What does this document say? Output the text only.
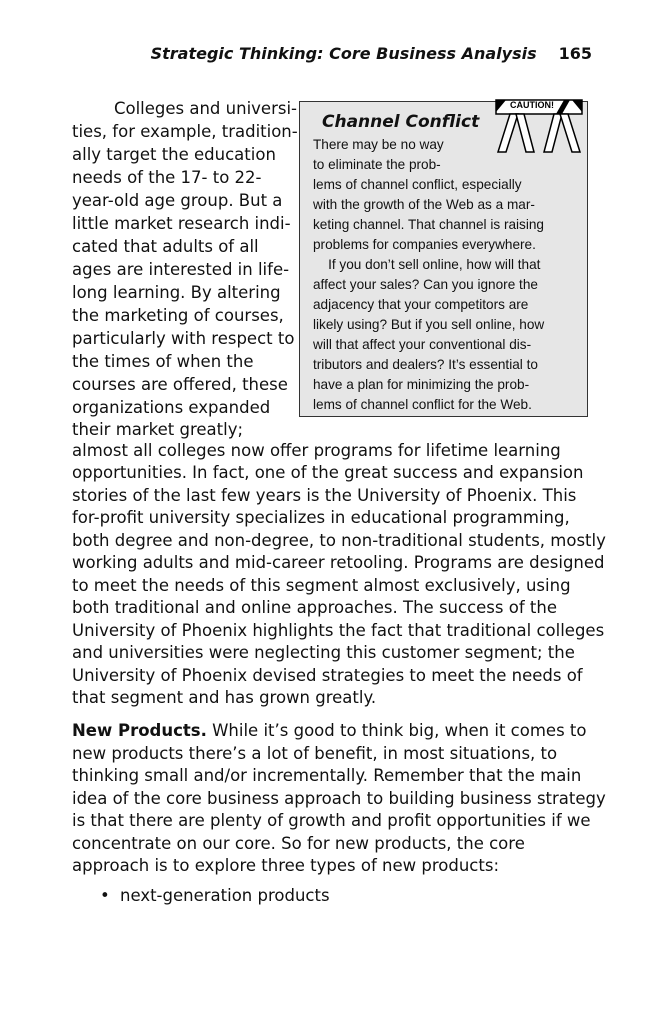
Strategic Thinking: Core Business Analysis 165
Channel Conflict
CAUTION!
There may be no way
to eliminate the prob-
lems of channel conflict, especially
with the growth of the Web as a mar-
keting channel. That channel is raising
problems for companies everywhere.
If you don’t sell online, how will that
affect your sales? Can you ignore the
adjacency that your competitors are
likely using? But if you sell online, how
will that affect your conventional dis-
tributors and dealers? It’s essential to
have a plan for minimizing the prob-
lems of channel conflict for the Web.
Colleges and universi-
ties, for example, tradition-
ally target the education
needs of the 17- to 22-
year-old age group. But a
little market research indi-
cated that adults of all
ages are interested in life-
long learning. By altering
the marketing of courses,
particularly with respect to
the times of when the
courses are offered, these
organizations expanded
their market greatly;
almost all colleges now offer programs for lifetime learning
opportunities. In fact, one of the great success and expansion
stories of the last few years is the University of Phoenix. This
for-profit university specializes in educational programming,
both degree and non-degree, to non-traditional students, mostly
working adults and mid-career retooling. Programs are designed
to meet the needs of this segment almost exclusively, using
both traditional and online approaches. The success of the
University of Phoenix highlights the fact that traditional colleges
and universities were neglecting this customer segment; the
University of Phoenix devised strategies to meet the needs of
that segment and has grown greatly.
New Products. While it’s good to think big, when it comes to
new products there’s a lot of benefit, in most situations, to
thinking small and/or incrementally. Remember that the main
idea of the core business approach to building business strategy
is that there are plenty of growth and profit opportunities if we
concentrate on our core. So for new products, the core
approach is to explore three types of new products:
• next-generation products
